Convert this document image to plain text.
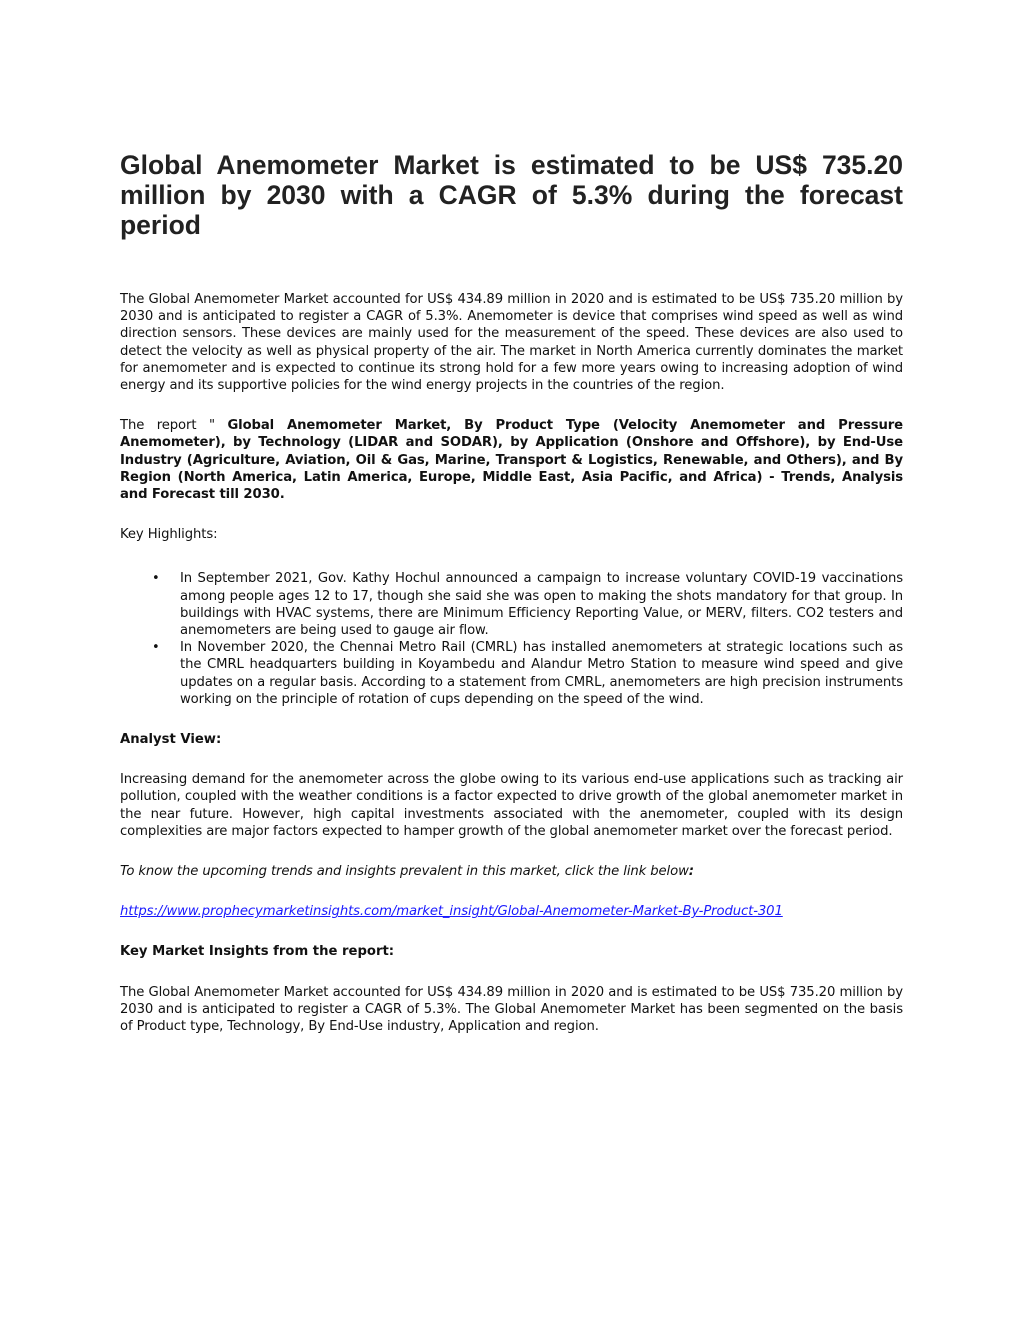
Global Anemometer Market is estimated to be US$ 735.20 million by 2030 with a CAGR of 5.3% during the forecast period

The Global Anemometer Market accounted for US$ 434.89 million in 2020 and is estimated to be US$ 735.20 million by 2030 and is anticipated to register a CAGR of 5.3%. Anemometer is device that comprises wind speed as well as wind direction sensors. These devices are mainly used for the measurement of the speed. These devices are also used to detect the velocity as well as physical property of the air. The market in North America currently dominates the market for anemometer and is expected to continue its strong hold for a few more years owing to increasing adoption of wind energy and its supportive policies for the wind energy projects in the countries of the region.

The report " Global Anemometer Market, By Product Type (Velocity Anemometer and Pressure Anemometer), by Technology (LIDAR and SODAR), by Application (Onshore and Offshore), by End-Use Industry (Agriculture, Aviation, Oil & Gas, Marine, Transport & Logistics, Renewable, and Others), and By Region (North America, Latin America, Europe, Middle East, Asia Pacific, and Africa) - Trends, Analysis and Forecast till 2030.

Key Highlights:

• In September 2021, Gov. Kathy Hochul announced a campaign to increase voluntary COVID-19 vaccinations among people ages 12 to 17, though she said she was open to making the shots mandatory for that group. In buildings with HVAC systems, there are Minimum Efficiency Reporting Value, or MERV, filters. CO2 testers and anemometers are being used to gauge air flow.
• In November 2020, the Chennai Metro Rail (CMRL) has installed anemometers at strategic locations such as the CMRL headquarters building in Koyambedu and Alandur Metro Station to measure wind speed and give updates on a regular basis. According to a statement from CMRL, anemometers are high precision instruments working on the principle of rotation of cups depending on the speed of the wind.

Analyst View:

Increasing demand for the anemometer across the globe owing to its various end-use applications such as tracking air pollution, coupled with the weather conditions is a factor expected to drive growth of the global anemometer market in the near future. However, high capital investments associated with the anemometer, coupled with its design complexities are major factors expected to hamper growth of the global anemometer market over the forecast period.

To know the upcoming trends and insights prevalent in this market, click the link below:

https://www.prophecymarketinsights.com/market_insight/Global-Anemometer-Market-By-Product-301

Key Market Insights from the report:

The Global Anemometer Market accounted for US$ 434.89 million in 2020 and is estimated to be US$ 735.20 million by 2030 and is anticipated to register a CAGR of 5.3%. The Global Anemometer Market has been segmented on the basis of Product type, Technology, By End-Use industry, Application and region.
